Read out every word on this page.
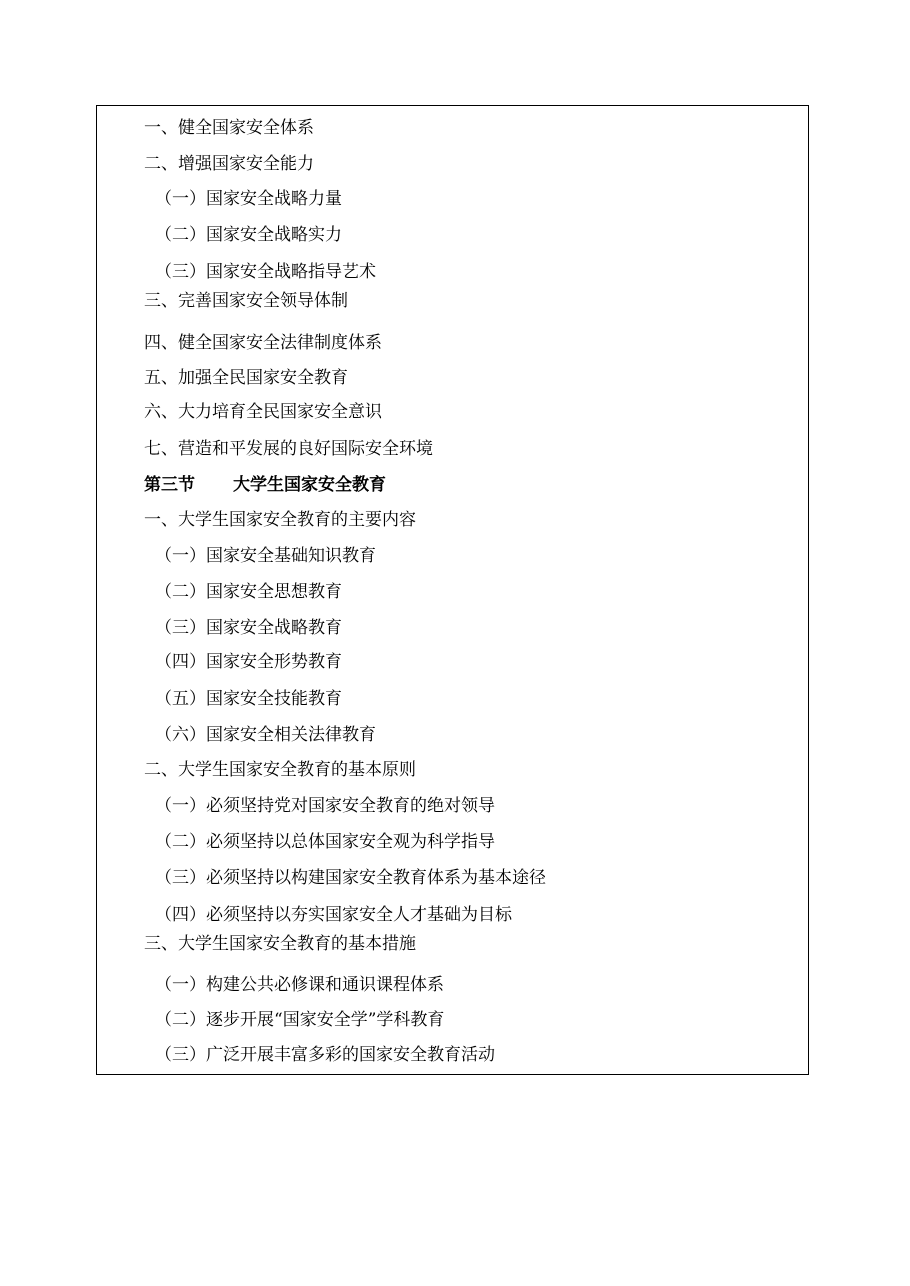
一、健全国家安全体系
二、增强国家安全能力
（一）国家安全战略力量
（二）国家安全战略实力
（三）国家安全战略指导艺术
三、完善国家安全领导体制
四、健全国家安全法律制度体系
五、加强全民国家安全教育
六、大力培育全民国家安全意识
七、营造和平发展的良好国际安全环境
第三节 大学生国家安全教育
一、大学生国家安全教育的主要内容
（一）国家安全基础知识教育
（二）国家安全思想教育
（三）国家安全战略教育
（四）国家安全形势教育
（五）国家安全技能教育
（六）国家安全相关法律教育
二、大学生国家安全教育的基本原则
（一）必须坚持党对国家安全教育的绝对领导
（二）必须坚持以总体国家安全观为科学指导
（三）必须坚持以构建国家安全教育体系为基本途径
（四）必须坚持以夯实国家安全人才基础为目标
三、大学生国家安全教育的基本措施
（一）构建公共必修课和通识课程体系
（二）逐步开展“国家安全学”学科教育
（三）广泛开展丰富多彩的国家安全教育活动
